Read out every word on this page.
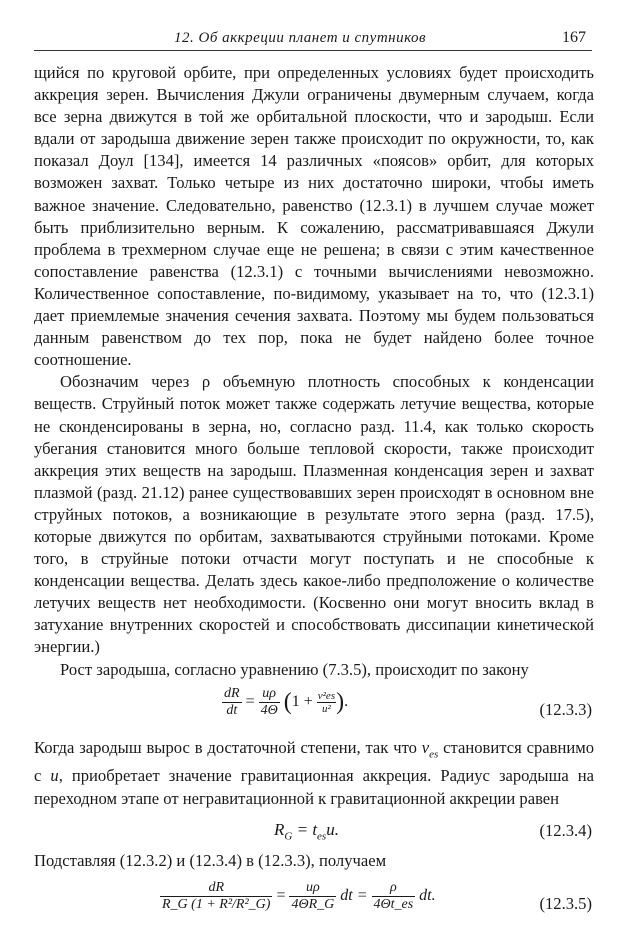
12. Об аккреции планет и спутников	167

щийся по круговой орбите, при определенных условиях будет происходить аккреция зерен. Вычисления Джули ограничены двумерным случаем, когда все зерна движутся в той же орбитальной плоскости, что и зародыш. Если вдали от зародыша движение зерен также происходит по окружности, то, как показал Доул [134], имеется 14 различных «поясов» орбит, для которых возможен захват. Только четыре из них достаточно широки, чтобы иметь важное значение. Следовательно, равенство (12.3.1) в лучшем случае может быть приблизительно верным. К сожалению, рассматривавшаяся Джули проблема в трехмерном случае еще не решена; в связи с этим качественное сопоставление равенства (12.3.1) с точными вычислениями невозможно. Количественное сопоставление, по-видимому, указывает на то, что (12.3.1) дает приемлемые значения сечения захвата. Поэтому мы будем пользоваться данным равенством до тех пор, пока не будет найдено более точное соотношение.

Обозначим через ρ объемную плотность способных к конденсации веществ. Струйный поток может также содержать летучие вещества, которые не сконденсированы в зерна, но, согласно разд. 11.4, как только скорость убегания становится много больше тепловой скорости, также происходит аккреция этих веществ на зародыш. Плазменная конденсация зерен и захват плазмой (разд. 21.12) ранее существовавших зерен происходят в основном вне струйных потоков, а возникающие в результате этого зерна (разд. 17.5), которые движутся по орбитам, захватываются струйными потоками. Кроме того, в струйные потоки отчасти могут поступать и не способные к конденсации вещества. Делать здесь какое-либо предположение о количестве летучих веществ нет необходимости. (Косвенно они могут вносить вклад в затухание внутренних скоростей и способствовать диссипации кинетической энергии.)

Рост зародыша, согласно уравнению (7.3.5), происходит по закону

$\frac{dR}{dt} = \frac{u\rho}{4\Theta} (1 + \frac{\text{v²es}}{\text{u²}}$ ).	(12.3.3)

Когда зародыш вырос в достаточной степени, так что $v_{es}$ становится сравнимо с u, приобретает значение гравитационная аккреция. Радиус зародыша на переходном этапе от негравитационной к гравитационной аккреции равен

$R_G = t_{es}u$.	(12.3.4)

Подставляя (12.3.2) и (12.3.4) в (12.3.3), получаем

$\frac{dR}{\text{R\_G (1 + R²/R²\_G)}} = \frac{u\rho}{4\Theta R\_G}$ dt = $\frac{\rho}{4\Theta t\_es}$ dt.	(12.3.5)
